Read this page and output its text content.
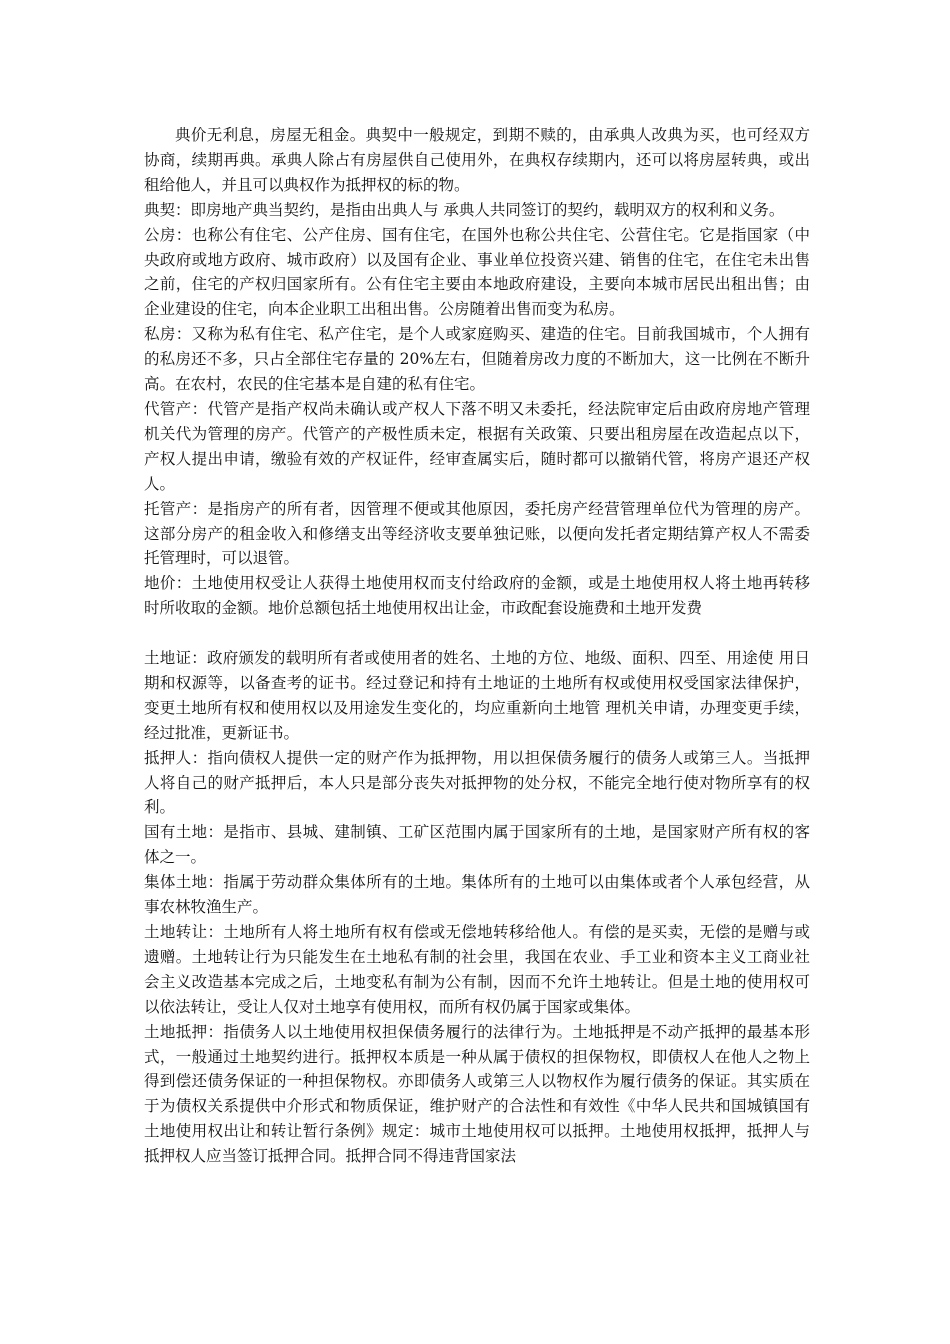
典价无利息，房屋无租金。典契中一般规定，到期不赎的，由承典人改典为买，也可经双方协商，续期再典。承典人除占有房屋供自己使用外，在典权存续期内，还可以将房屋转典，或出租给他人，并且可以典权作为抵押权的标的物。

典契：即房地产典当契约，是指由出典人与 承典人共同签订的契约，载明双方的权利和义务。

公房：也称公有住宅、公产住房、国有住宅，在国外也称公共住宅、公营住宅。它是指国家（中央政府或地方政府、城市政府）以及国有企业、事业单位投资兴建、销售的住宅，在住宅未出售之前，住宅的产权归国家所有。公有住宅主要由本地政府建设，主要向本城市居民出租出售；由企业建设的住宅，向本企业职工出租出售。公房随着出售而变为私房。

私房：又称为私有住宅、私产住宅，是个人或家庭购买、建造的住宅。目前我国城市，个人拥有的私房还不多，只占全部住宅存量的 20%左右，但随着房改力度的不断加大，这一比例在不断升高。在农村，农民的住宅基本是自建的私有住宅。

代管产：代管产是指产权尚未确认或产权人下落不明又未委托，经法院审定后由政府房地产管理机关代为管理的房产。代管产的产极性质未定，根据有关政策、只要出租房屋在改造起点以下，产权人提出申请，缴验有效的产权证件，经审查属实后，随时都可以撤销代管，将房产退还产权人。

托管产：是指房产的所有者，因管理不便或其他原因，委托房产经营管理单位代为管理的房产。这部分房产的租金收入和修缮支出等经济收支要单独记账，以便向发托者定期结算产权人不需委托管理时，可以退管。

地价：土地使用权受让人获得土地使用权而支付给政府的金额，或是土地使用权人将土地再转移时所收取的金额。地价总额包括土地使用权出让金，市政配套设施费和土地开发费

土地证：政府颁发的载明所有者或使用者的姓名、土地的方位、地级、面积、四至、用途使 用日期和权源等，以备查考的证书。经过登记和持有土地证的土地所有权或使用权受国家法律保护，变更土地所有权和使用权以及用途发生变化的，均应重新向土地管 理机关申请，办理变更手续，经过批准，更新证书。

抵押人：指向债权人提供一定的财产作为抵押物，用以担保债务履行的债务人或第三人。当抵押人将自己的财产抵押后，本人只是部分丧失对抵押物的处分权，不能完全地行使对物所享有的权利。

国有土地：是指市、县城、建制镇、工矿区范围内属于国家所有的土地，是国家财产所有权的客体之一。

集体土地：指属于劳动群众集体所有的土地。集体所有的土地可以由集体或者个人承包经营，从事农林牧渔生产。

土地转让：土地所有人将土地所有权有偿或无偿地转移给他人。有偿的是买卖，无偿的是赠与或遗赠。土地转让行为只能发生在土地私有制的社会里，我国在农业、手工业和资本主义工商业社会主义改造基本完成之后，土地变私有制为公有制，因而不允许土地转让。但是土地的使用权可以依法转让，受让人仅对土地享有使用权，而所有权仍属于国家或集体。

土地抵押：指债务人以土地使用权担保债务履行的法律行为。土地抵押是不动产抵押的最基本形式，一般通过土地契约进行。抵押权本质是一种从属于债权的担保物权，即债权人在他人之物上得到偿还债务保证的一种担保物权。亦即债务人或第三人以物权作为履行债务的保证。其实质在于为债权关系提供中介形式和物质保证，维护财产的合法性和有效性《中华人民共和国城镇国有土地使用权出让和转让暂行条例》规定：城市土地使用权可以抵押。土地使用权抵押，抵押人与抵押权人应当签订抵押合同。抵押合同不得违背国家法
